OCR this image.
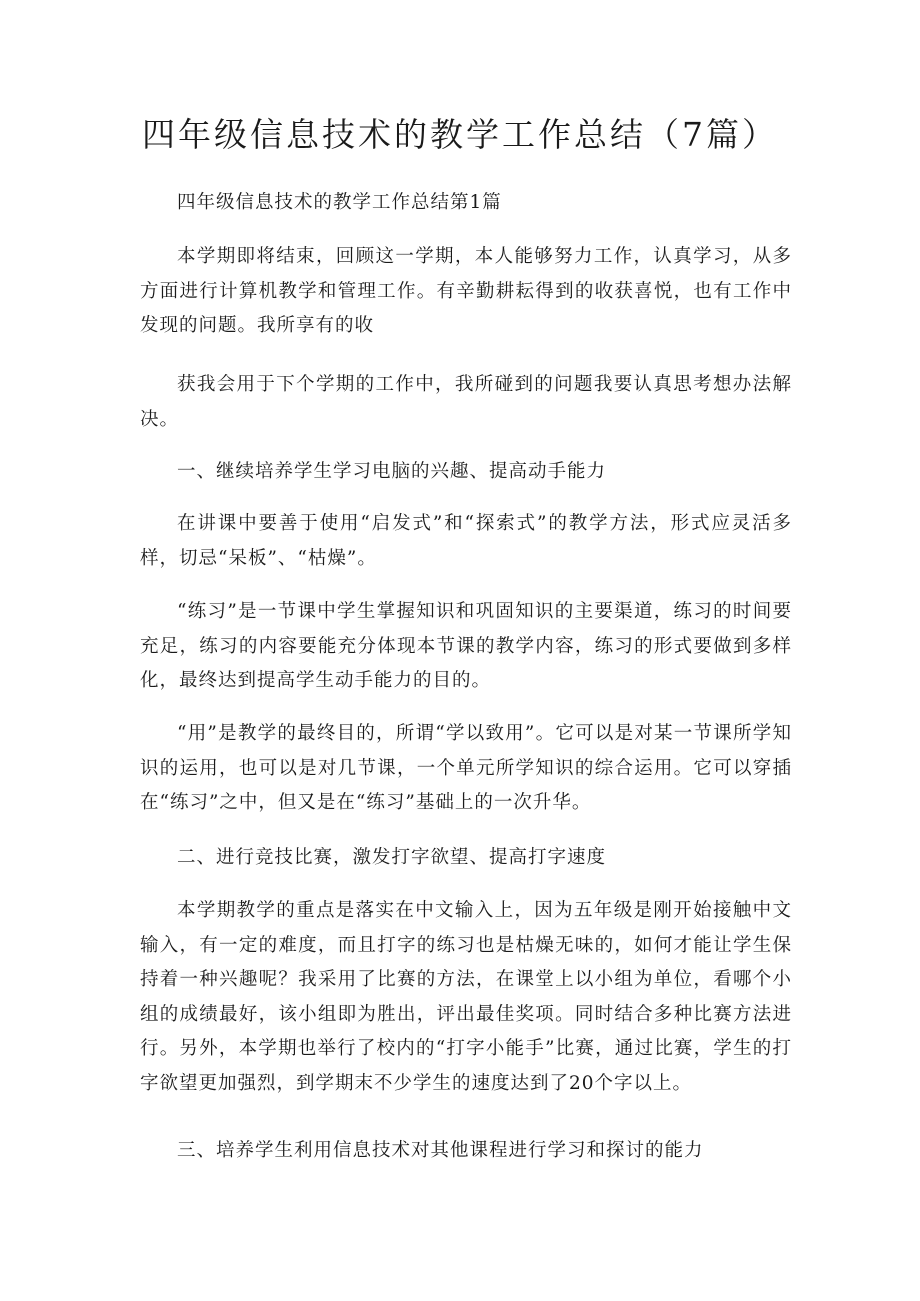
四年级信息技术的教学工作总结（7篇）

四年级信息技术的教学工作总结第1篇

本学期即将结束，回顾这一学期，本人能够努力工作，认真学习，从多方面进行计算机教学和管理工作。有辛勤耕耘得到的收获喜悦，也有工作中发现的问题。我所享有的收

获我会用于下个学期的工作中，我所碰到的问题我要认真思考想办法解决。

一、继续培养学生学习电脑的兴趣、提高动手能力

在讲课中要善于使用“启发式”和“探索式”的教学方法，形式应灵活多样，切忌“呆板”、“枯燥”。

“练习”是一节课中学生掌握知识和巩固知识的主要渠道，练习的时间要充足，练习的内容要能充分体现本节课的教学内容，练习的形式要做到多样化，最终达到提高学生动手能力的目的。

“用”是教学的最终目的，所谓“学以致用”。它可以是对某一节课所学知识的运用，也可以是对几节课，一个单元所学知识的综合运用。它可以穿插在“练习”之中，但又是在“练习”基础上的一次升华。

二、进行竞技比赛，激发打字欲望、提高打字速度

本学期教学的重点是落实在中文输入上，因为五年级是刚开始接触中文输入，有一定的难度，而且打字的练习也是枯燥无味的，如何才能让学生保持着一种兴趣呢？我采用了比赛的方法，在课堂上以小组为单位，看哪个小组的成绩最好，该小组即为胜出，评出最佳奖项。同时结合多种比赛方法进行。另外，本学期也举行了校内的“打字小能手”比赛，通过比赛，学生的打字欲望更加强烈，到学期末不少学生的速度达到了20个字以上。

三、培养学生利用信息技术对其他课程进行学习和探讨的能力
